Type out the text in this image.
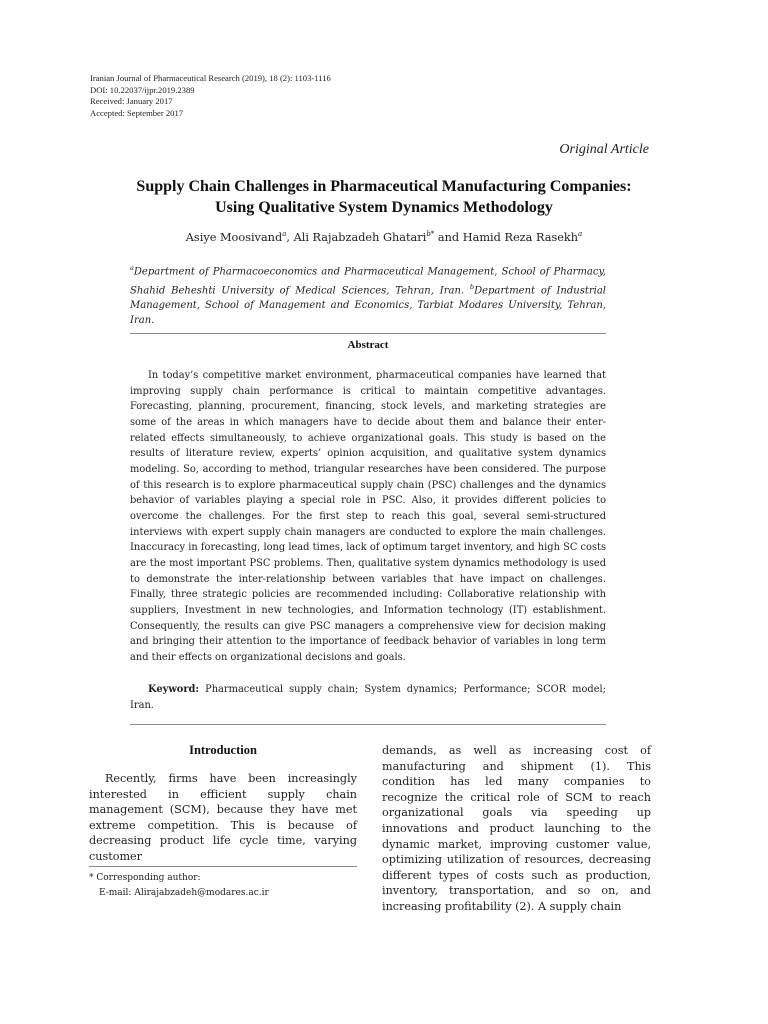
Iranian Journal of Pharmaceutical Research (2019), 18 (2): 1103-1116
DOI: 10.22037/ijpr.2019.2389
Received: January 2017
Accepted: September 2017
Original Article
Supply Chain Challenges in Pharmaceutical Manufacturing Companies:
Using Qualitative System Dynamics Methodology
Asiye Moosivand$^a$, Ali Rajabzadeh Ghatari$^{b*}$ and Hamid Reza Rasekh$^a$
$^a$Department of Pharmacoeconomics and Pharmaceutical Management, School of Pharmacy, Shahid Beheshti University of Medical Sciences, Tehran, Iran. $^b$Department of Industrial Management, School of Management and Economics, Tarbiat Modares University, Tehran, Iran.
Abstract

In today’s competitive market environment, pharmaceutical companies have learned that improving supply chain performance is critical to maintain competitive advantages. Forecasting, planning, procurement, financing, stock levels, and marketing strategies are some of the areas in which managers have to decide about them and balance their enter-related effects simultaneously, to achieve organizational goals. This study is based on the results of literature review, experts’ opinion acquisition, and qualitative system dynamics modeling. So, according to method, triangular researches have been considered. The purpose of this research is to explore pharmaceutical supply chain (PSC) challenges and the dynamics behavior of variables playing a special role in PSC. Also, it provides different policies to overcome the challenges. For the first step to reach this goal, several semi-structured interviews with expert supply chain managers are conducted to explore the main challenges. Inaccuracy in forecasting, long lead times, lack of optimum target inventory, and high SC costs are the most important PSC problems. Then, qualitative system dynamics methodology is used to demonstrate the inter-relationship between variables that have impact on challenges. Finally, three strategic policies are recommended including: Collaborative relationship with suppliers, Investment in new technologies, and Information technology (IT) establishment. Consequently, the results can give PSC managers a comprehensive view for decision making and bringing their attention to the importance of feedback behavior of variables in long term and their effects on organizational decisions and goals.

Keyword: Pharmaceutical supply chain; System dynamics; Performance; SCOR model; Iran.

Introduction

Recently, firms have been increasingly interested in efficient supply chain management (SCM), because they have met extreme competition. This is because of decreasing product life cycle time, varying customer

demands, as well as increasing cost of manufacturing and shipment (1). This condition has led many companies to recognize the critical role of SCM to reach organizational goals via speeding up innovations and product launching to the dynamic market, improving customer value, optimizing utilization of resources, decreasing different types of costs such as production, inventory, transportation, and so on, and increasing profitability (2). A supply chain

* Corresponding author:
E-mail: Alirajabzadeh@modares.ac.ir
